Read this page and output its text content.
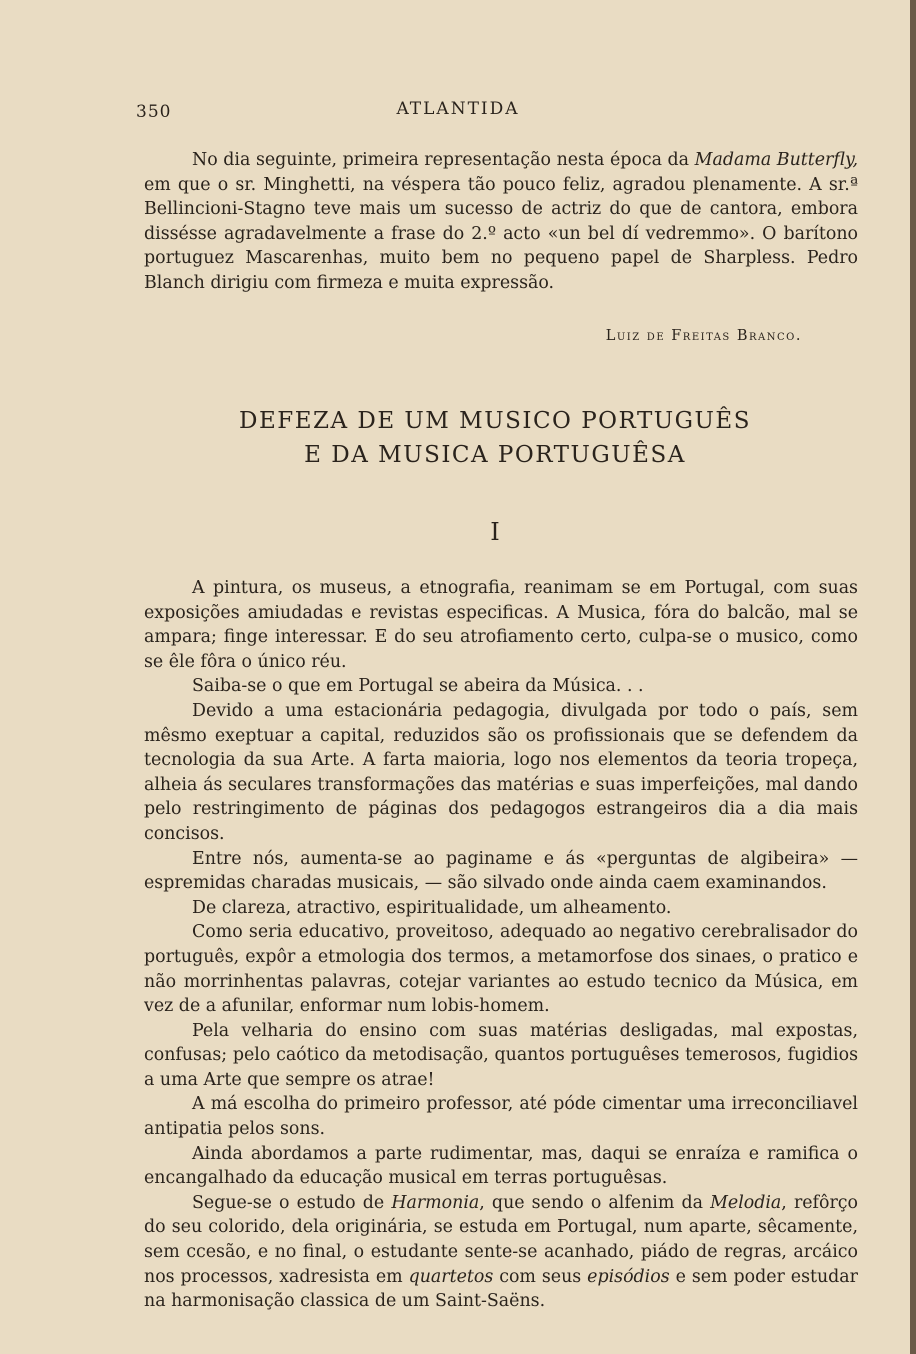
350	ATLANTIDA

No dia seguinte, primeira representação nesta época da Madama Butterfly, em que o sr. Minghetti, na véspera tão pouco feliz, agradou plenamente. A sr.ª Bellincioni-Stagno teve mais um sucesso de actriz do que de cantora, embora dissésse agradavelmente a frase do 2.º acto «un bel dí vedremmo». O barítono portuguez Mascarenhas, muito bem no pequeno papel de Sharpless. Pedro Blanch dirigiu com firmeza e muita expressão.

Luiz de Freitas Branco.
DEFEZA DE UM MUSICO PORTUGUÊS
E DA MUSICA PORTUGUÊSA
I

A pintura, os museus, a etnografia, reanimam se em Portugal, com suas exposições amiudadas e revistas especificas. A Musica, fóra do balcão, mal se ampara; finge interessar. E do seu atrofiamento certo, culpa-se o musico, como se êle fôra o único réu.

Saiba-se o que em Portugal se abeira da Música. . .

Devido a uma estacionária pedagogia, divulgada por todo o país, sem mêsmo exeptuar a capital, reduzidos são os profissionais que se defendem da tecnologia da sua Arte. A farta maioria, logo nos elementos da teoria tropeça, alheia ás seculares transformações das matérias e suas imperfeições, mal dando pelo restringimento de páginas dos pedagogos estrangeiros dia a dia mais concisos.

Entre nós, aumenta-se ao paginame e ás «perguntas de algibeira» — espremidas charadas musicais, — são silvado onde ainda caem examinandos.

De clareza, atractivo, espiritualidade, um alheamento.

Como seria educativo, proveitoso, adequado ao negativo cerebralisador do português, expôr a etmologia dos termos, a metamorfose dos sinaes, o pratico e não morrinhentas palavras, cotejar variantes ao estudo tecnico da Música, em vez de a afunilar, enformar num lobis-homem.

Pela velharia do ensino com suas matérias desligadas, mal expostas, confusas; pelo caótico da metodisação, quantos portuguêses temerosos, fugidios a uma Arte que sempre os atrae!

A má escolha do primeiro professor, até póde cimentar uma irreconciliavel antipatia pelos sons.

Ainda abordamos a parte rudimentar, mas, daqui se enraíza e ramifica o encangalhado da educação musical em terras portuguêsas.

Segue-se o estudo de Harmonia, que sendo o alfenim da Melodia, refôrço do seu colorido, dela originária, se estuda em Portugal, num aparte, sêcamente, sem ccesão, e no final, o estudante sente-se acanhado, piádo de regras, arcáico nos processos, xadresista em quartetos com seus episódios e sem poder estudar na harmonisação classica de um Saint-Saëns.
